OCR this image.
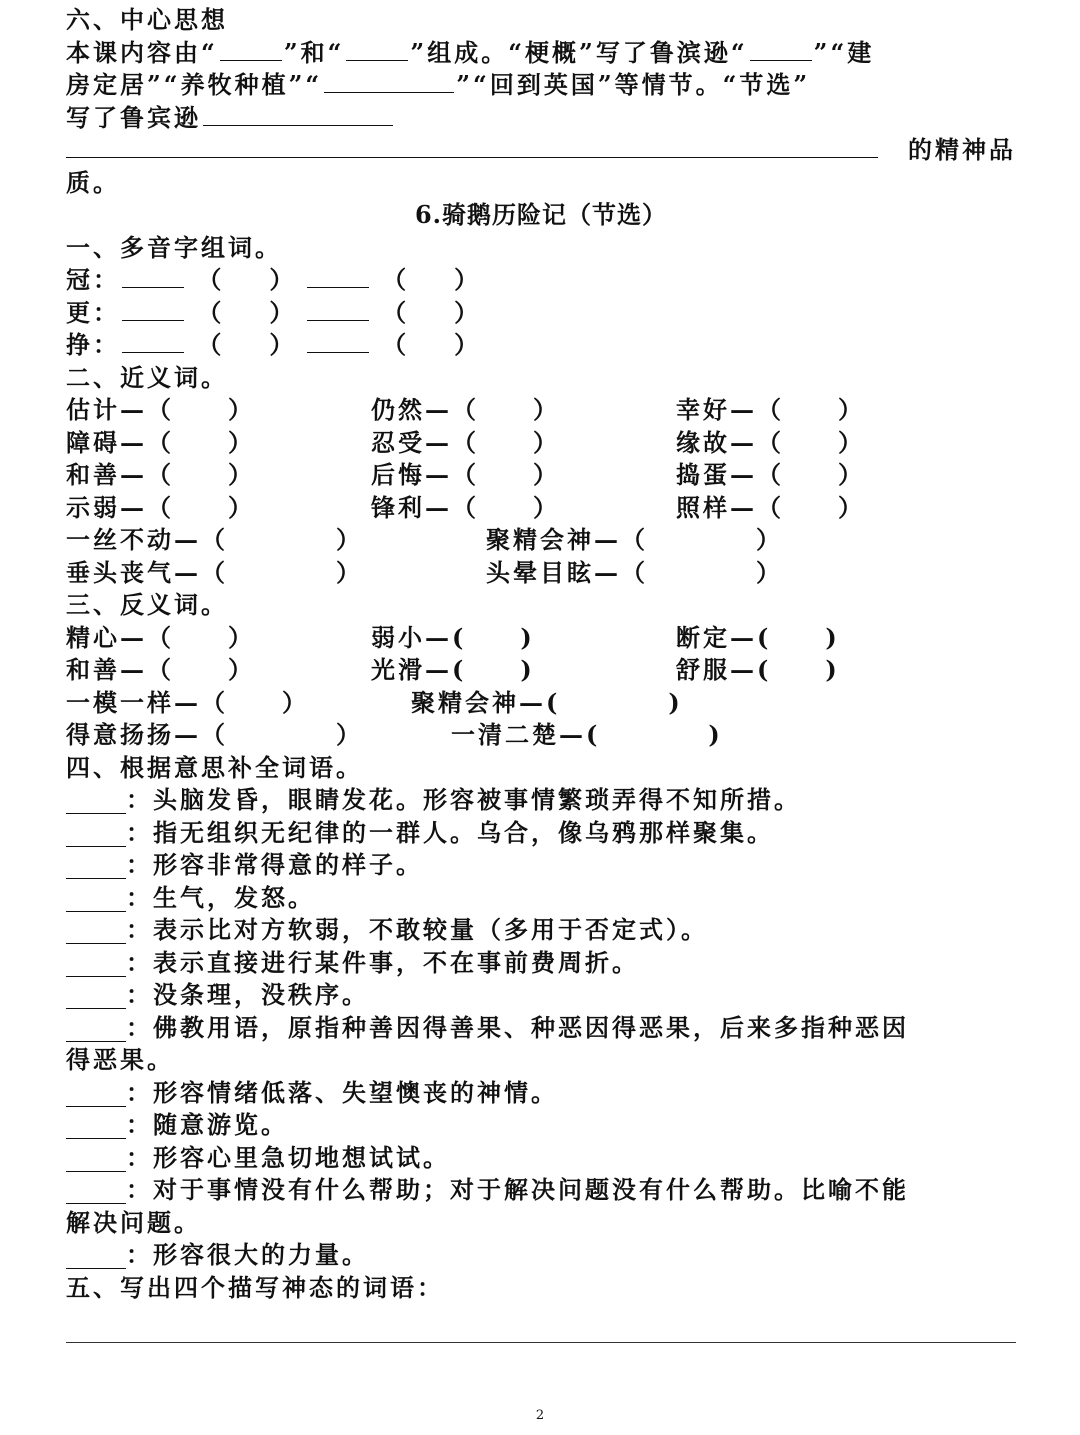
六、中心思想
本课内容由“	”和“	”组成。“梗概”写了鲁滨逊“	”“建
房定居”“养牧种植”“	”“回到英国”等情节。“节选”
写了鲁宾逊
的精神品
质。
6.骑鹅历险记（节选）
一、多音字组词。
冠：	（　　）	（　　）
更：	（　　）	（　　）
挣：	（　　）	（　　）
二、近义词。
估计—（　　）	仍然—（　　）	幸好—（　　）
障碍—（　　）	忍受—（　　）	缘故—（　　）
和善—（　　）	后悔—（　　）	捣蛋—（　　）
示弱—（　　）	锋利—（　　）	照样—（　　）
一丝不动—（　　　　）	聚精会神—（　　　　）
垂头丧气—（　　　　）	头晕目眩—（　　　　）
三、反义词。
精心—（　　）	弱小—(　　)	断定—(　　)
和善—（　　）	光滑—(　　)	舒服—(　　)
一模一样—（　　）	聚精会神—(　　　　)
得意扬扬—（　　　　）	一清二楚—(　　　　)
四、根据意思补全词语。
：头脑发昏，眼睛发花。形容被事情繁琐弄得不知所措。
：指无组织无纪律的一群人。乌合，像乌鸦那样聚集。
：形容非常得意的样子。
：生气，发怒。
：表示比对方软弱，不敢较量（多用于否定式）。
：表示直接进行某件事，不在事前费周折。
：没条理，没秩序。
：佛教用语，原指种善因得善果、种恶因得恶果，后来多指种恶因
得恶果。
：形容情绪低落、失望懊丧的神情。
：随意游览。
：形容心里急切地想试试。
：对于事情没有什么帮助；对于解决问题没有什么帮助。比喻不能
解决问题。
：形容很大的力量。
五、写出四个描写神态的词语：
2
